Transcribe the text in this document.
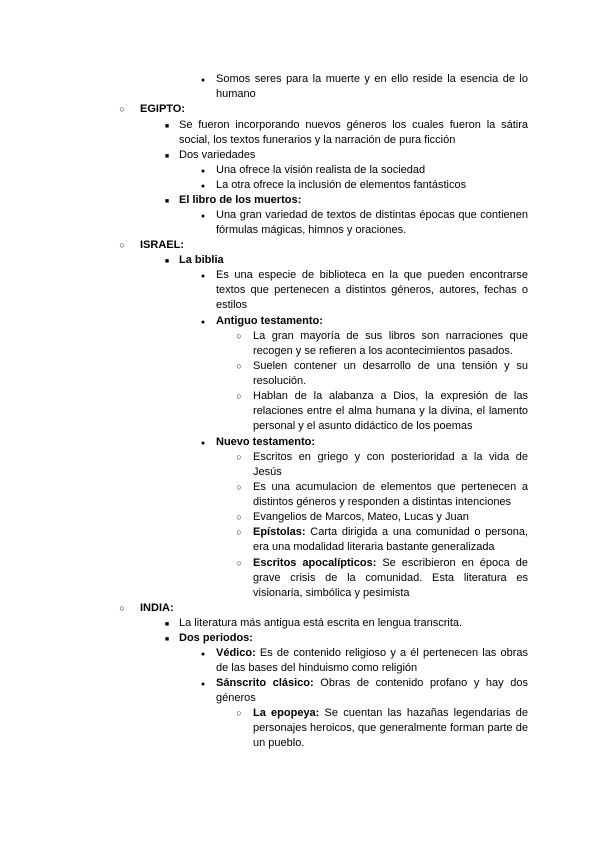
●
Somos seres para la muerte y en ello reside la esencia de lo humano
○
EGIPTO:
■
Se fueron incorporando nuevos géneros los cuales fueron la sátira social, los textos funerarios y la narración de pura ficción
■
Dos variedades
●
Una ofrece la visión realista de la sociedad
●
La otra ofrece la inclusión de elementos fantásticos
■
El libro de los muertos:
●
Una gran variedad de textos de distintas épocas que contienen fórmulas mágicas, himnos y oraciones.
○
ISRAEL:
■
La biblia
●
Es una especie de biblioteca en la que pueden encontrarse textos que pertenecen a distintos géneros, autores, fechas o estilos
●
Antiguo testamento:
○
La gran mayoría de sus libros son narraciones que recogen y se refieren a los acontecimientos pasados.
○
Suelen contener un desarrollo de una tensión y su resolución.
○
Hablan de la alabanza a Dios, la expresión de las relaciones entre el alma humana y la divina, el lamento personal y el asunto didáctico de los poemas
●
Nuevo testamento:
○
Escritos en griego y con posterioridad a la vida de Jesús
○
Es una acumulacion de elementos que pertenecen a distintos géneros y responden a distintas intenciones
○
Evangelios de Marcos, Mateo, Lucas y Juan
○
Epístolas: Carta dirigida a una comunidad o persona, era una modalidad literaria bastante generalizada
○
Escritos apocalípticos: Se escribieron en época de grave crisis de la comunidad. Esta literatura es visionaria, simbólica y pesimista
○
INDIA:
■
La literatura más antigua está escrita en lengua transcrita.
■
Dos periodos:
●
Védico: Es de contenido religioso y a él pertenecen las obras de las bases del hinduismo como religión
●
Sánscrito clásico: Obras de contenido profano y hay dos géneros
○
La epopeya: Se cuentan las hazañas legendarias de personajes heroicos, que generalmente forman parte de un pueblo.
